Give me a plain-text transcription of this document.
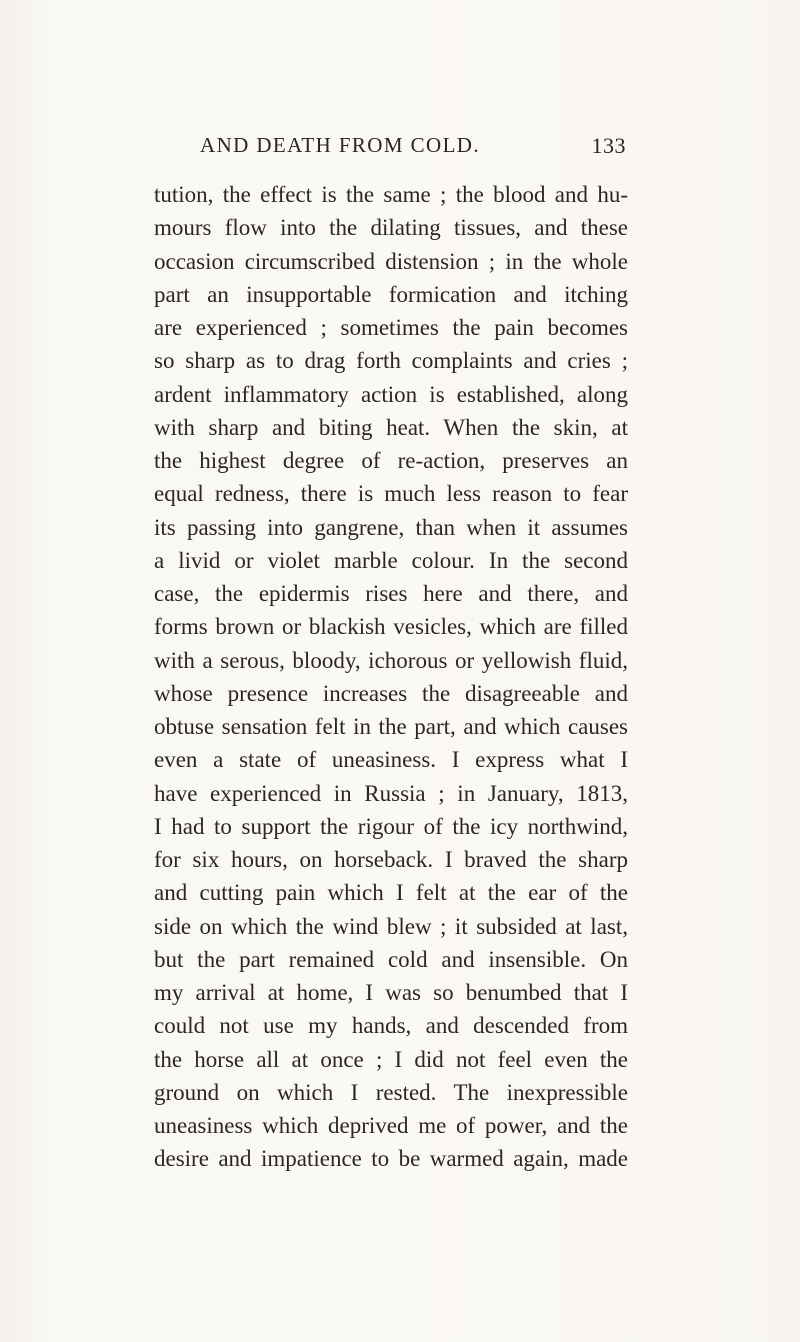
AND DEATH FROM COLD.	133
tution, the effect is the same ; the blood and hu-
mours flow into the dilating tissues, and these
occasion circumscribed distension ; in the whole
part an insupportable formication and itching
are experienced ; sometimes the pain becomes
so sharp as to drag forth complaints and cries ;
ardent inflammatory action is established, along
with sharp and biting heat. When the skin, at
the highest degree of re-action, preserves an
equal redness, there is much less reason to fear
its passing into gangrene, than when it assumes
a livid or violet marble colour. In the second
case, the epidermis rises here and there, and
forms brown or blackish vesicles, which are filled
with a serous, bloody, ichorous or yellowish fluid,
whose presence increases the disagreeable and
obtuse sensation felt in the part, and which causes
even a state of uneasiness. I express what I
have experienced in Russia ; in January, 1813,
I had to support the rigour of the icy northwind,
for six hours, on horseback. I braved the sharp
and cutting pain which I felt at the ear of the
side on which the wind blew ; it subsided at last,
but the part remained cold and insensible. On
my arrival at home, I was so benumbed that I
could not use my hands, and descended from
the horse all at once ; I did not feel even the
ground on which I rested. The inexpressible
uneasiness which deprived me of power, and the
desire and impatience to be warmed again, made
